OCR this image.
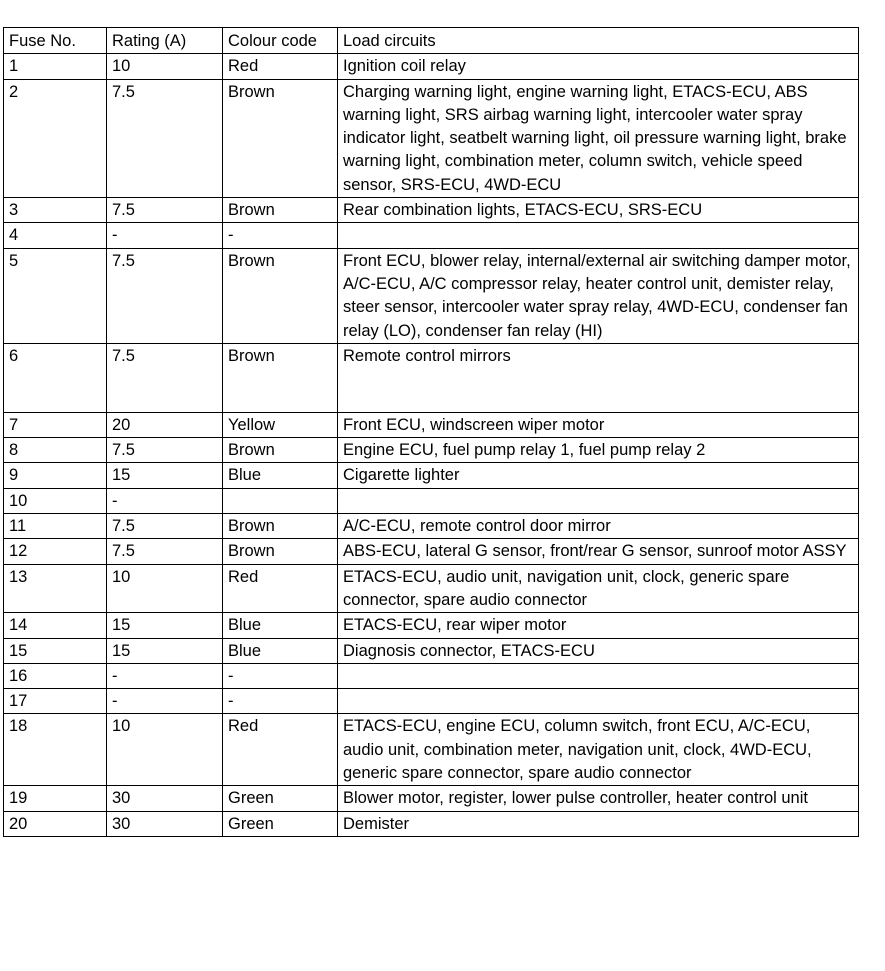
Fuse No.	Rating (A)	Colour code	Load circuits
1	10	Red	Ignition coil relay
2	7.5	Brown	Charging warning light, engine warning light, ETACS-ECU, ABS warning light, SRS airbag warning light, intercooler water spray indicator light, seatbelt warning light, oil pressure warning light, brake warning light, combination meter, column switch, vehicle speed sensor, SRS-ECU, 4WD-ECU
3	7.5	Brown	Rear combination lights, ETACS-ECU, SRS-ECU
4	-	-	
5	7.5	Brown	Front ECU, blower relay, internal/external air switching damper motor, A/C-ECU, A/C compressor relay, heater control unit, demister relay, steer sensor, intercooler water spray relay, 4WD-ECU, condenser fan relay (LO), condenser fan relay (HI)
6	7.5	Brown	Remote control mirrors
7	20	Yellow	Front ECU, windscreen wiper motor
8	7.5	Brown	Engine ECU, fuel pump relay 1, fuel pump relay 2
9	15	Blue	Cigarette lighter
10	-		
11	7.5	Brown	A/C-ECU, remote control door mirror
12	7.5	Brown	ABS-ECU, lateral G sensor, front/rear G sensor, sunroof motor ASSY
13	10	Red	ETACS-ECU, audio unit, navigation unit, clock, generic spare connector, spare audio connector
14	15	Blue	ETACS-ECU, rear wiper motor
15	15	Blue	Diagnosis connector, ETACS-ECU
16	-	-	
17	-	-	
18	10	Red	ETACS-ECU, engine ECU, column switch, front ECU, A/C-ECU, audio unit, combination meter, navigation unit, clock, 4WD-ECU, generic spare connector, spare audio connector
19	30	Green	Blower motor, register, lower pulse controller, heater control unit
20	30	Green	Demister
